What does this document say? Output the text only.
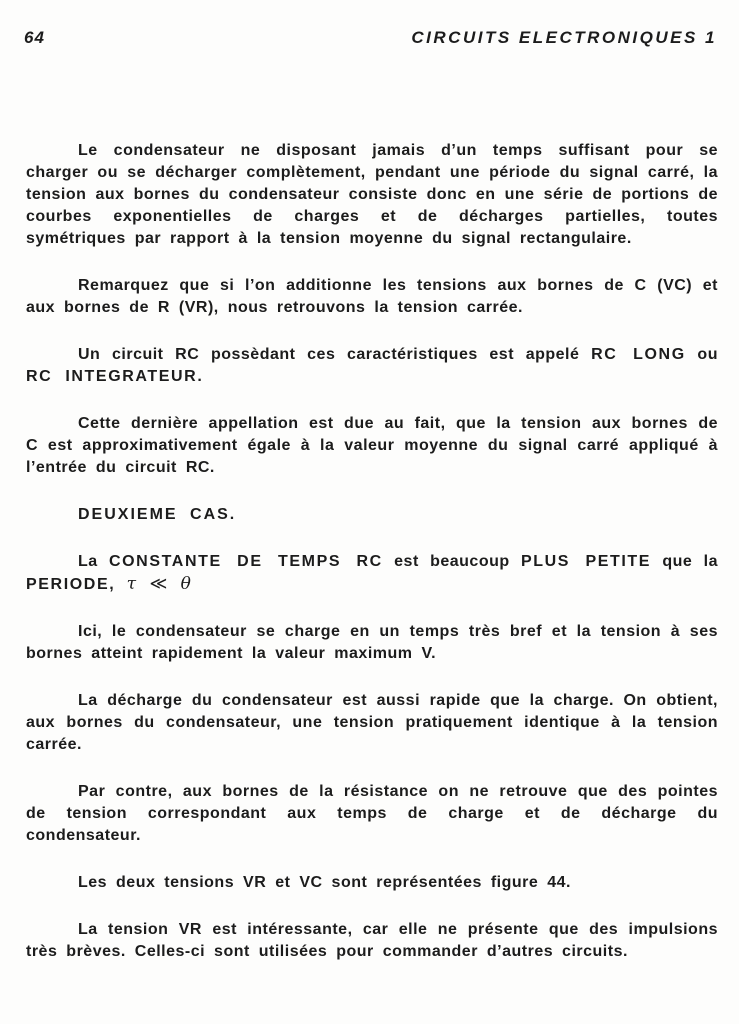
64	CIRCUITS ELECTRONIQUES 1

Le condensateur ne disposant jamais d’un temps suffisant pour se charger ou se décharger complètement, pendant une période du signal carré, la tension aux bornes du condensateur consiste donc en une série de portions de courbes exponentielles de charges et de décharges partielles, toutes symétriques par rapport à la tension moyenne du signal rectangulaire.

Remarquez que si l’on additionne les tensions aux bornes de C (VC) et aux bornes de R (VR), nous retrouvons la tension carrée.

Un circuit RC possèdant ces caractéristiques est appelé RC LONG ou RC INTEGRATEUR.

Cette dernière appellation est due au fait, que la tension aux bornes de C est approximativement égale à la valeur moyenne du signal carré appliqué à l’entrée du circuit RC.

DEUXIEME CAS.

La CONSTANTE DE TEMPS RC est beaucoup PLUS PETITE que la PERIODE, τ ≪ θ

Ici, le condensateur se charge en un temps très bref et la tension à ses bornes atteint rapidement la valeur maximum V.

La décharge du condensateur est aussi rapide que la charge. On obtient, aux bornes du condensateur, une tension pratiquement identique à la tension carrée.

Par contre, aux bornes de la résistance on ne retrouve que des pointes de tension correspondant aux temps de charge et de décharge du condensateur.

Les deux tensions VR et VC sont représentées figure 44.

La tension VR est intéressante, car elle ne présente que des impulsions très brèves. Celles-ci sont utilisées pour commander d’autres circuits.
